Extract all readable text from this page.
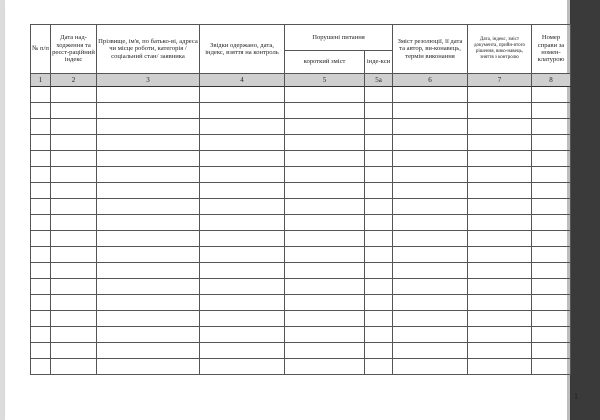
№ п/п	Дата над-ходження та реєст-раційний індекс	Прізвище, ім'я, по батько-ві, адреса чи місце роботи, категорія /соціальний стан/ заявника	Звідки одержано, дата, індекс, взяття на контроль	Порушені питання		Зміст резолюції, її дата та автор, ви-конавець, термін виконання	Дата, індекс, зміст документа, прийн-ятого рішення, вико-навець, зняття з контролю	Номер справи за номен-клатурою
				короткий зміст	інде-кси			
1	2	3	4	5	5а	6	7	8

1
